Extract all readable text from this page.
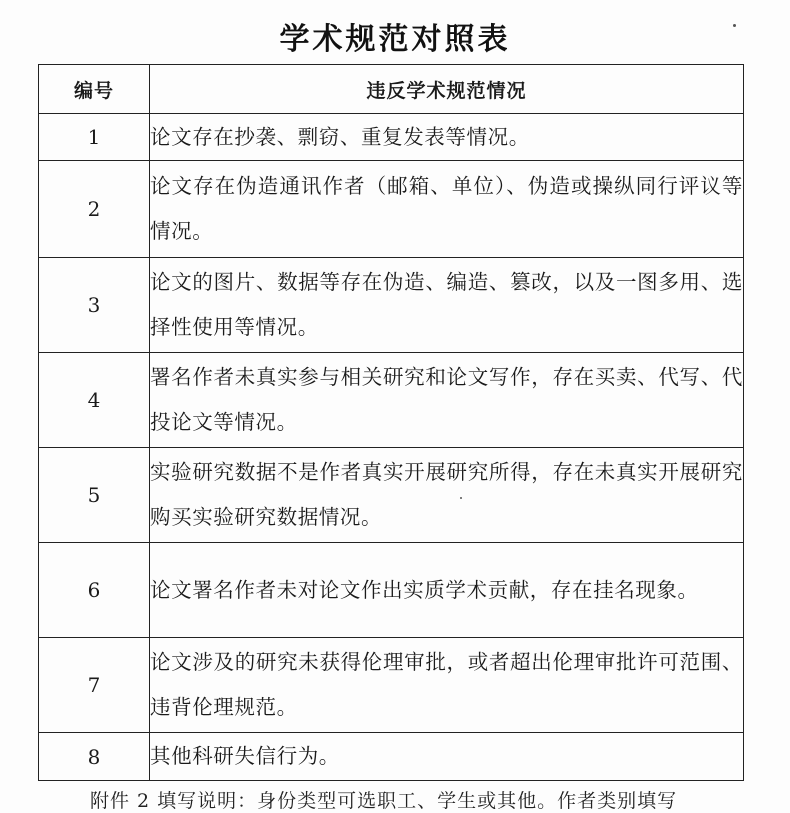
学术规范对照表
编号	违反学术规范情况
1	论文存在抄袭、剽窃、重复发表等情况。
2	论文存在伪造通讯作者（邮箱、单位）、伪造或操纵同行评议等情况。
3	论文的图片、数据等存在伪造、编造、篡改，以及一图多用、选择性使用等情况。
4	署名作者未真实参与相关研究和论文写作，存在买卖、代写、代投论文等情况。
5	实验研究数据不是作者真实开展研究所得，存在未真实开展研究购买实验研究数据情况。
6	论文署名作者未对论文作出实质学术贡献，存在挂名现象。
7	论文涉及的研究未获得伦理审批，或者超出伦理审批许可范围、违背伦理规范。
8	其他科研失信行为。
附件 2 填写说明：身份类型可选职工、学生或其他。作者类别填写
